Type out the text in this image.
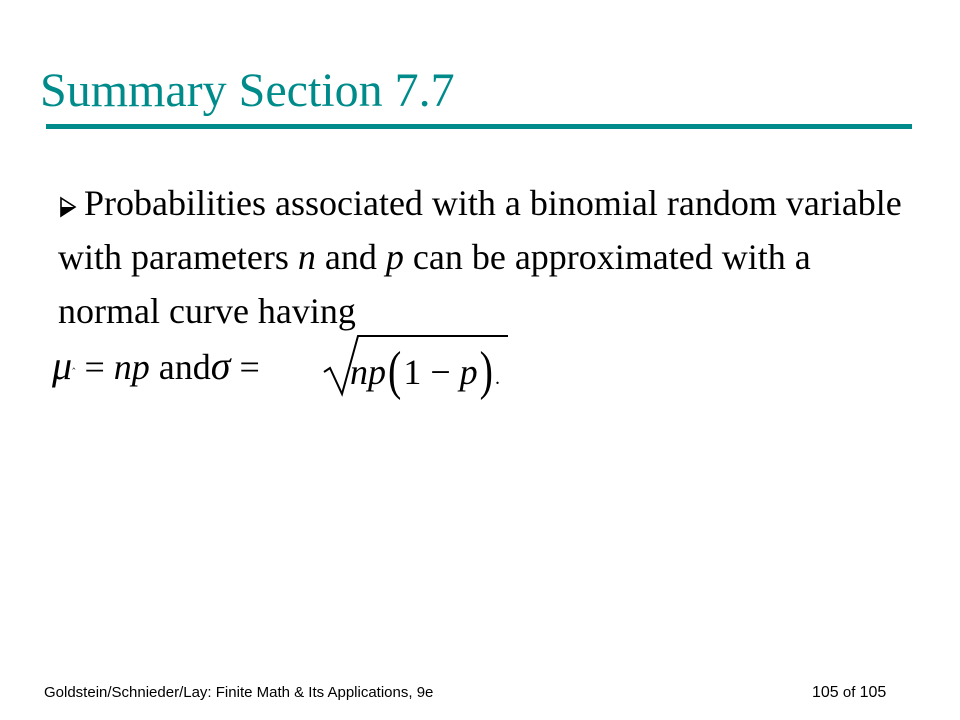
Summary Section 7.7
Probabilities associated with a binomial random variable with parameters n and p can be approximated with a normal curve having
μ‸ = np andσ =	np(1 − p) .
Goldstein/Schnieder/Lay: Finite Math & Its Applications, 9e	105 of 105
